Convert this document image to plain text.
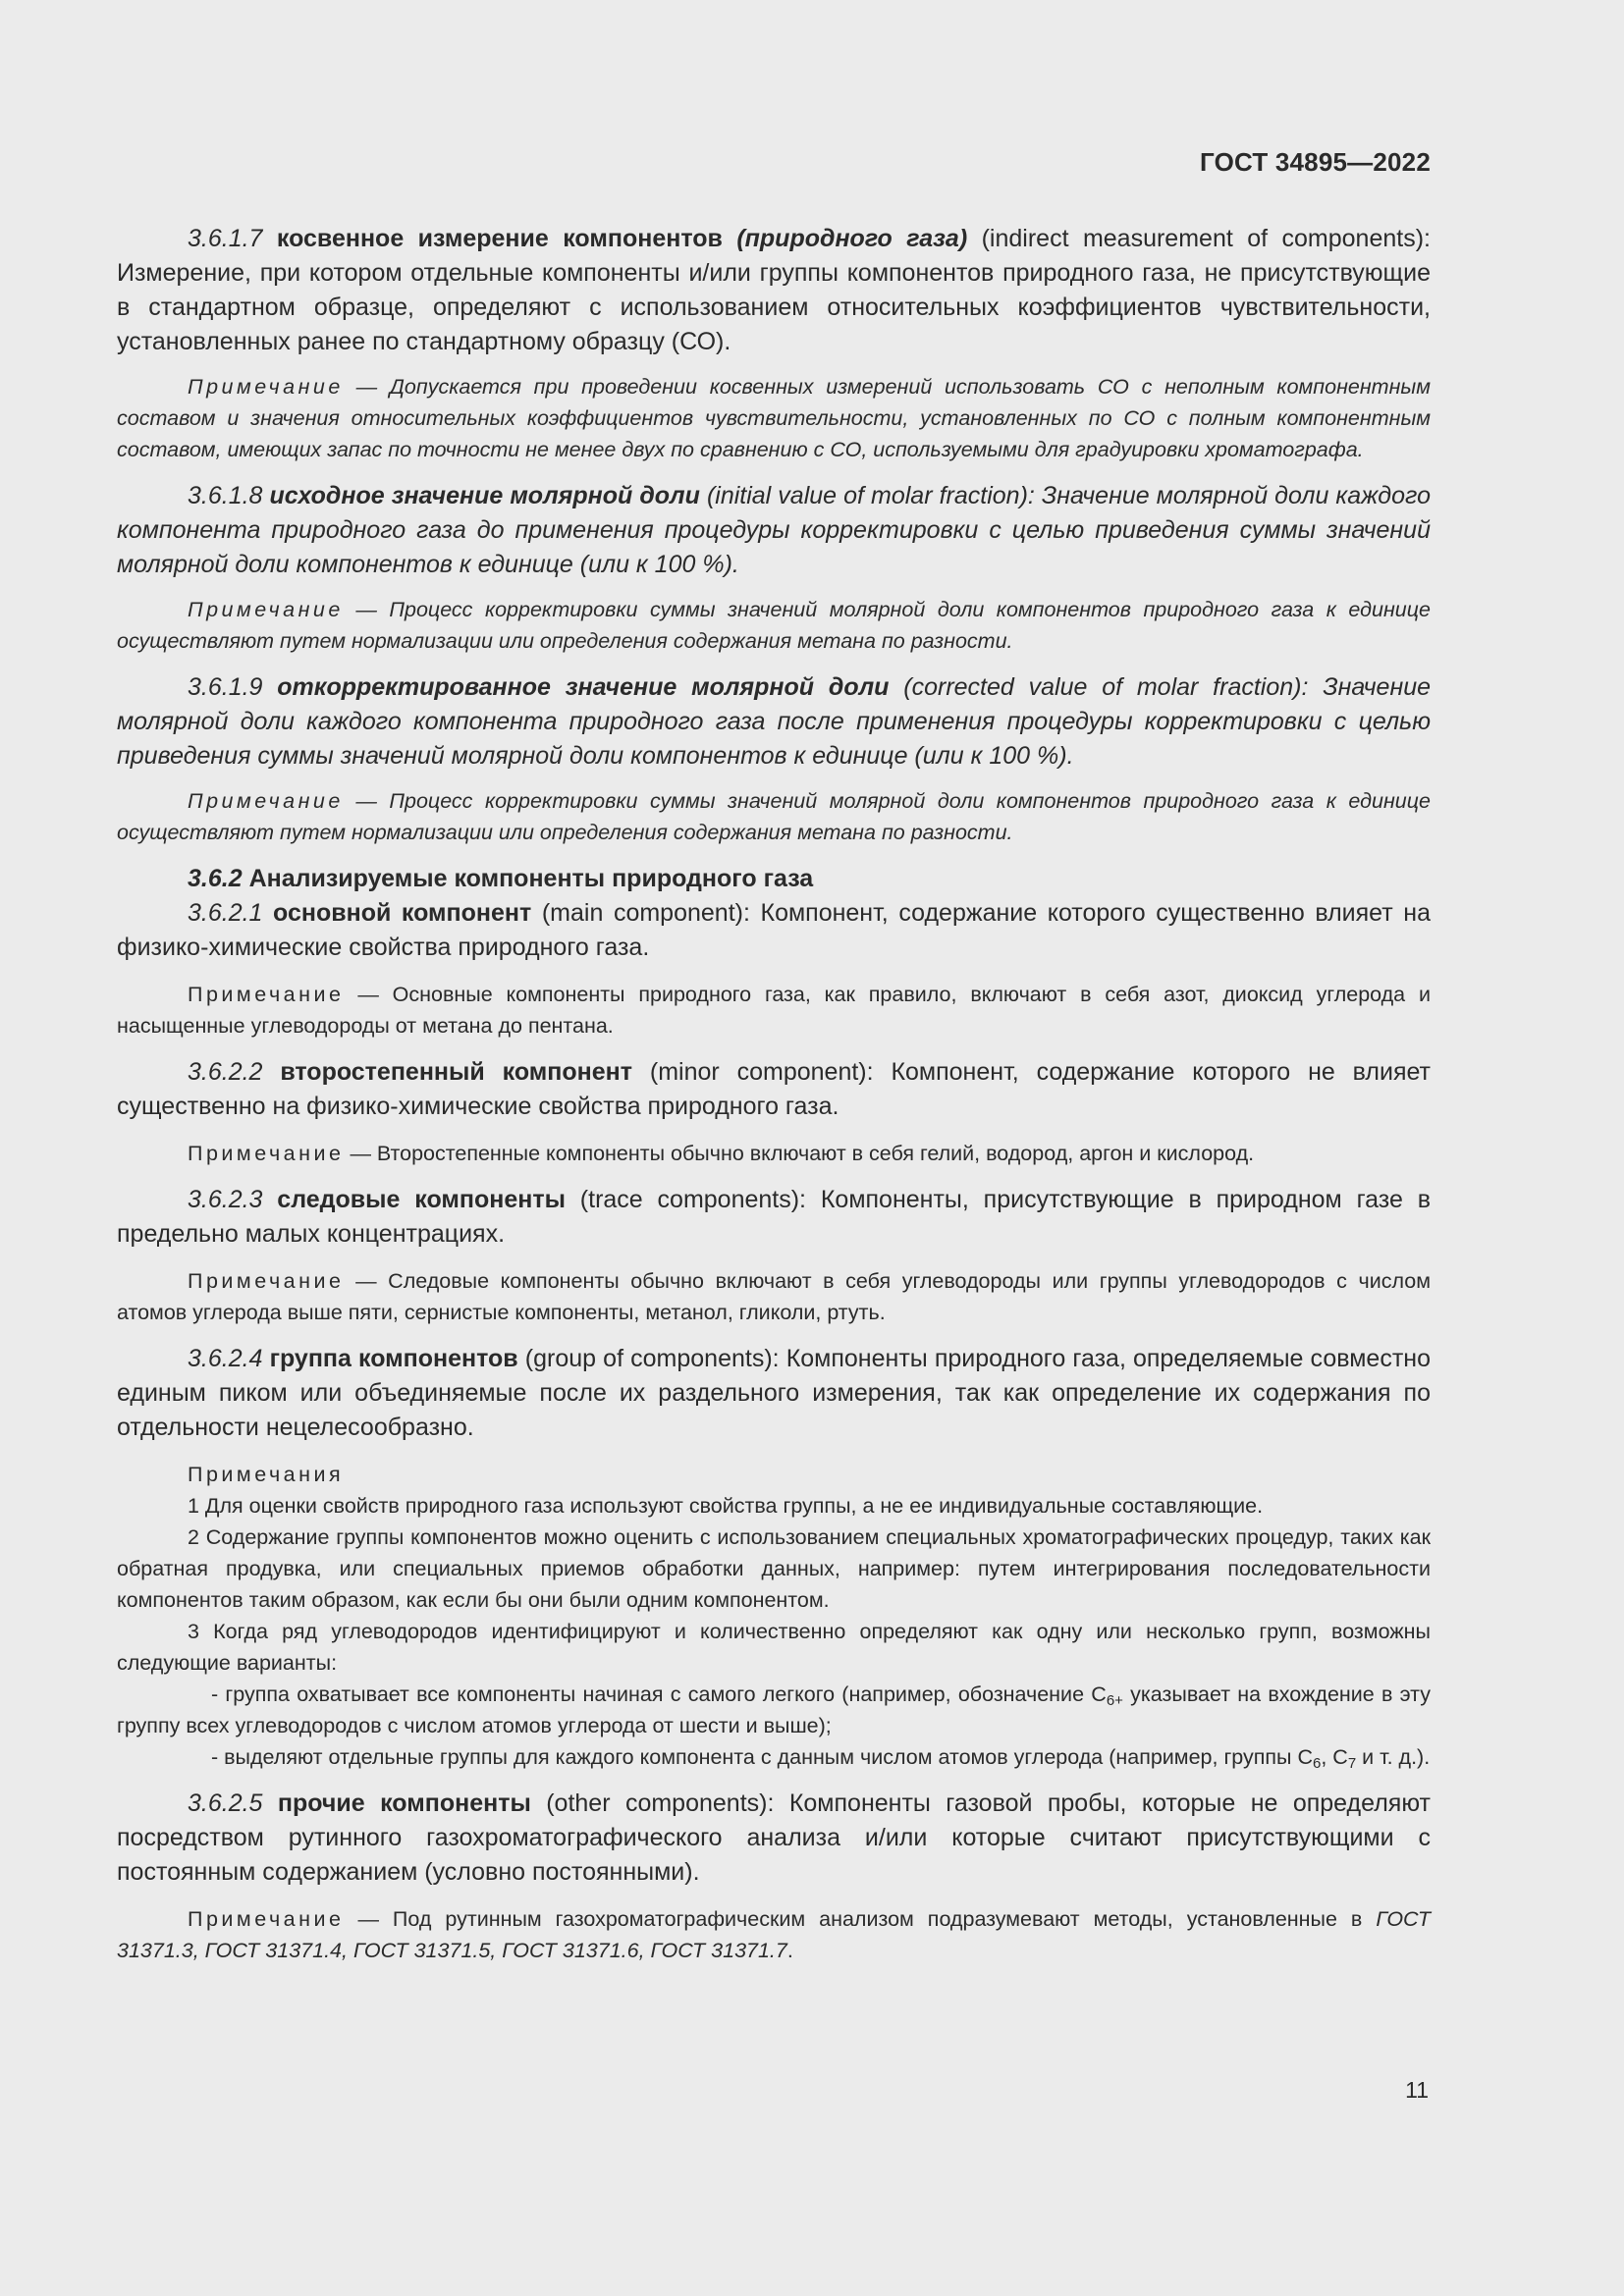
ГОСТ 34895—2022

3.6.1.7 косвенное измерение компонентов (природного газа) (indirect measurement of components): Измерение, при котором отдельные компоненты и/или группы компонентов природного газа, не присутствующие в стандартном образце, определяют с использованием относительных коэффициентов чувствительности, установленных ранее по стандартному образцу (СО).

Примечание — Допускается при проведении косвенных измерений использовать СО с неполным компонентным составом и значения относительных коэффициентов чувствительности, установленных по СО с полным компонентным составом, имеющих запас по точности не менее двух по сравнению с СО, используемыми для градуировки хроматографа.

3.6.1.8 исходное значение молярной доли (initial value of molar fraction): Значение молярной доли каждого компонента природного газа до применения процедуры корректировки с целью приведения суммы значений молярной доли компонентов к единице (или к 100 %).

Примечание — Процесс корректировки суммы значений молярной доли компонентов природного газа к единице осуществляют путем нормализации или определения содержания метана по разности.

3.6.1.9 откорректированное значение молярной доли (corrected value of molar fraction): Значение молярной доли каждого компонента природного газа после применения процедуры корректировки с целью приведения суммы значений молярной доли компонентов к единице (или к 100 %).

Примечание — Процесс корректировки суммы значений молярной доли компонентов природного газа к единице осуществляют путем нормализации или определения содержания метана по разности.

3.6.2 Анализируемые компоненты природного газа

3.6.2.1 основной компонент (main component): Компонент, содержание которого существенно влияет на физико-химические свойства природного газа.

Примечание — Основные компоненты природного газа, как правило, включают в себя азот, диоксид углерода и насыщенные углеводороды от метана до пентана.

3.6.2.2 второстепенный компонент (minor component): Компонент, содержание которого не влияет существенно на физико-химические свойства природного газа.

Примечание — Второстепенные компоненты обычно включают в себя гелий, водород, аргон и кислород.

3.6.2.3 следовые компоненты (trace components): Компоненты, присутствующие в природном газе в предельно малых концентрациях.

Примечание — Следовые компоненты обычно включают в себя углеводороды или группы углеводородов с числом атомов углерода выше пяти, сернистые компоненты, метанол, гликоли, ртуть.

3.6.2.4 группа компонентов (group of components): Компоненты природного газа, определяемые совместно единым пиком или объединяемые после их раздельного измерения, так как определение их содержания по отдельности нецелесообразно.

Примечания

1 Для оценки свойств природного газа используют свойства группы, а не ее индивидуальные составляющие.

2 Содержание группы компонентов можно оценить с использованием специальных хроматографических процедур, таких как обратная продувка, или специальных приемов обработки данных, например: путем интегрирования последовательности компонентов таким образом, как если бы они были одним компонентом.

3 Когда ряд углеводородов идентифицируют и количественно определяют как одну или несколько групп, возможны следующие варианты:

- группа охватывает все компоненты начиная с самого легкого (например, обозначение $С_{6+}$ указывает на вхождение в эту группу всех углеводородов с числом атомов углерода от шести и выше);

- выделяют отдельные группы для каждого компонента с данным числом атомов углерода (например, группы $С_6$, $С_7$ и т. д.).

3.6.2.5 прочие компоненты (other components): Компоненты газовой пробы, которые не определяют посредством рутинного газохроматографического анализа и/или которые считают присутствующими с постоянным содержанием (условно постоянными).

Примечание — Под рутинным газохроматографическим анализом подразумевают методы, установленные в ГОСТ 31371.3, ГОСТ 31371.4, ГОСТ 31371.5, ГОСТ 31371.6, ГОСТ 31371.7.

11
